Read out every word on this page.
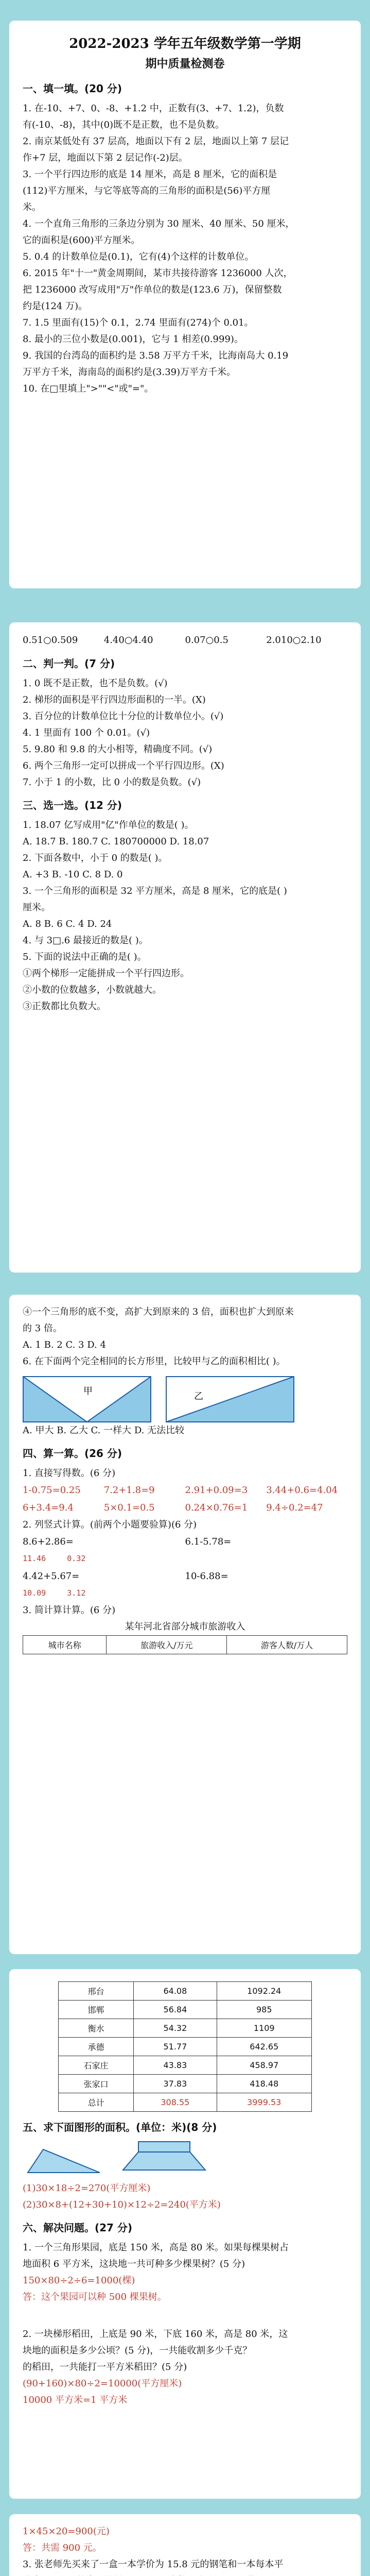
2022-2023 学年五年级数学第一学期
期中质量检测卷
一、填一填。(20 分)

1. 在-10、+7、0、-8、+1.2 中，正数有(3、+7、1.2)，负数

有(-10、-8)，其中(0)既不是正数，也不是负数。

2. 南京某低处有 37 层高，地面以下有 2 层，地面以上第 7 层记

作+7 层，地面以下第 2 层记作(-2)层。

3. 一个平行四边形的底是 14 厘米，高是 8 厘米，它的面积是

(112)平方厘米，与它等底等高的三角形的面积是(56)平方厘

米。

4. 一个直角三角形的三条边分别为 30 厘米、40 厘米、50 厘米，

它的面积是(600)平方厘米。

5. 0.4 的计数单位是(0.1)，它有(4)个这样的计数单位。

6. 2015 年"十一"黄金周期间，某市共接待游客 1236000 人次，

把 1236000 改写成用"万"作单位的数是(123.6 万)，保留整数

约是(124 万)。

7. 1.5 里面有(15)个 0.1，2.74 里面有(274)个 0.01。

8. 最小的三位小数是(0.001)，它与 1 相差(0.999)。

9. 我国的台湾岛的面积约是 3.58 万平方千米，比海南岛大 0.19

万平方千米，海南岛的面积约是(3.39)万平方千米。

10. 在□里填上">""<"或"="。

0.51○0.509	4.40○4.40	0.07○0.5	2.010○2.10
二、判一判。(7 分)

1. 0 既不是正数，也不是负数。(√)

2. 梯形的面积是平行四边形面积的一半。(X)

3. 百分位的计数单位比十分位的计数单位小。(√)

4. 1 里面有 100 个 0.01。(√)

5. 9.80 和 9.8 的大小相等，精确度不同。(√)

6. 两个三角形一定可以拼成一个平行四边形。(X)

7. 小于 1 的小数，比 0 小的数是负数。(√)

三、选一选。(12 分)

1. 18.07 亿写成用"亿"作单位的数是( )。

A. 18.7 B. 180.7 C. 180700000 D. 18.07

2. 下面各数中，小于 0 的数是( )。

A. +3 B. -10 C. 8 D. 0

3. 一个三角形的面积是 32 平方厘米，高是 8 厘米，它的底是( )

厘米。

A. 8 B. 6 C. 4 D. 24

4. 与 3□.6 最接近的数是( )。

5. 下面的说法中正确的是( )。

①两个梯形一定能拼成一个平行四边形。

②小数的位数越多，小数就越大。

③正数都比负数大。

④一个三角形的底不变，高扩大到原来的 3 倍，面积也扩大到原来

的 3 倍。

A. 1 B. 2 C. 3 D. 4

6. 在下面两个完全相同的长方形里，比较甲与乙的面积相比( )。

甲	乙

A. 甲大 B. 乙大 C. 一样大 D. 无法比较

四、算一算。(26 分)

1. 直接写得数。(6 分)

1-0.75=0.25	7.2+1.8=9	2.91+0.09=3	3.44+0.6=4.04
6+3.4=9.4	5×0.1=0.5	0.24×0.76=1	9.4÷0.2=47

2. 列竖式计算。(前两个小题要验算)(6 分)

8.6+2.86=	6.1-5.78=
11.46	0.32
4.42+5.67=	10-6.88=
10.09	3.12

3. 简计算计算。(6 分)

某年河北省部分城市旅游收入

城市名称	旅游收入/万元	游客人数/万人
邢台	64.08	1092.24
邯郸	56.84	985
衡水	54.32	1109
承德	51.77	642.65
石家庄	43.83	458.97
张家口	37.83	418.48
总计	308.55	3999.53
五、求下面图形的面积。(单位：米)(8 分)

(1)30×18÷2=270(平方厘米)

(2)30×8+(12+30+10)×12÷2=240(平方米)

六、解决问题。(27 分)

1. 一个三角形果园，底是 150 米，高是 80 米。如果每棵果树占

地面积 6 平方米，这块地一共可种多少棵果树？(5 分)

150×80÷2÷6=1000(棵)

答：这个果园可以种 500 棵果树。

2. 一块梯形稻田，上底是 90 米，下底 160 米，高是 80 米，这

块地的面积是多少公顷？(5 分)，一共能收割多少千克？

的稻田，一共能打一平方米稻田？(5 分)

(90+160)×80÷2=10000(平方厘米)

10000 平方米=1 平方米

1×45×20=900(元)

答：共需 900 元。

3. 张老师先买来了一盒一本学价为 15.8 元的钢笔和一本每本平
